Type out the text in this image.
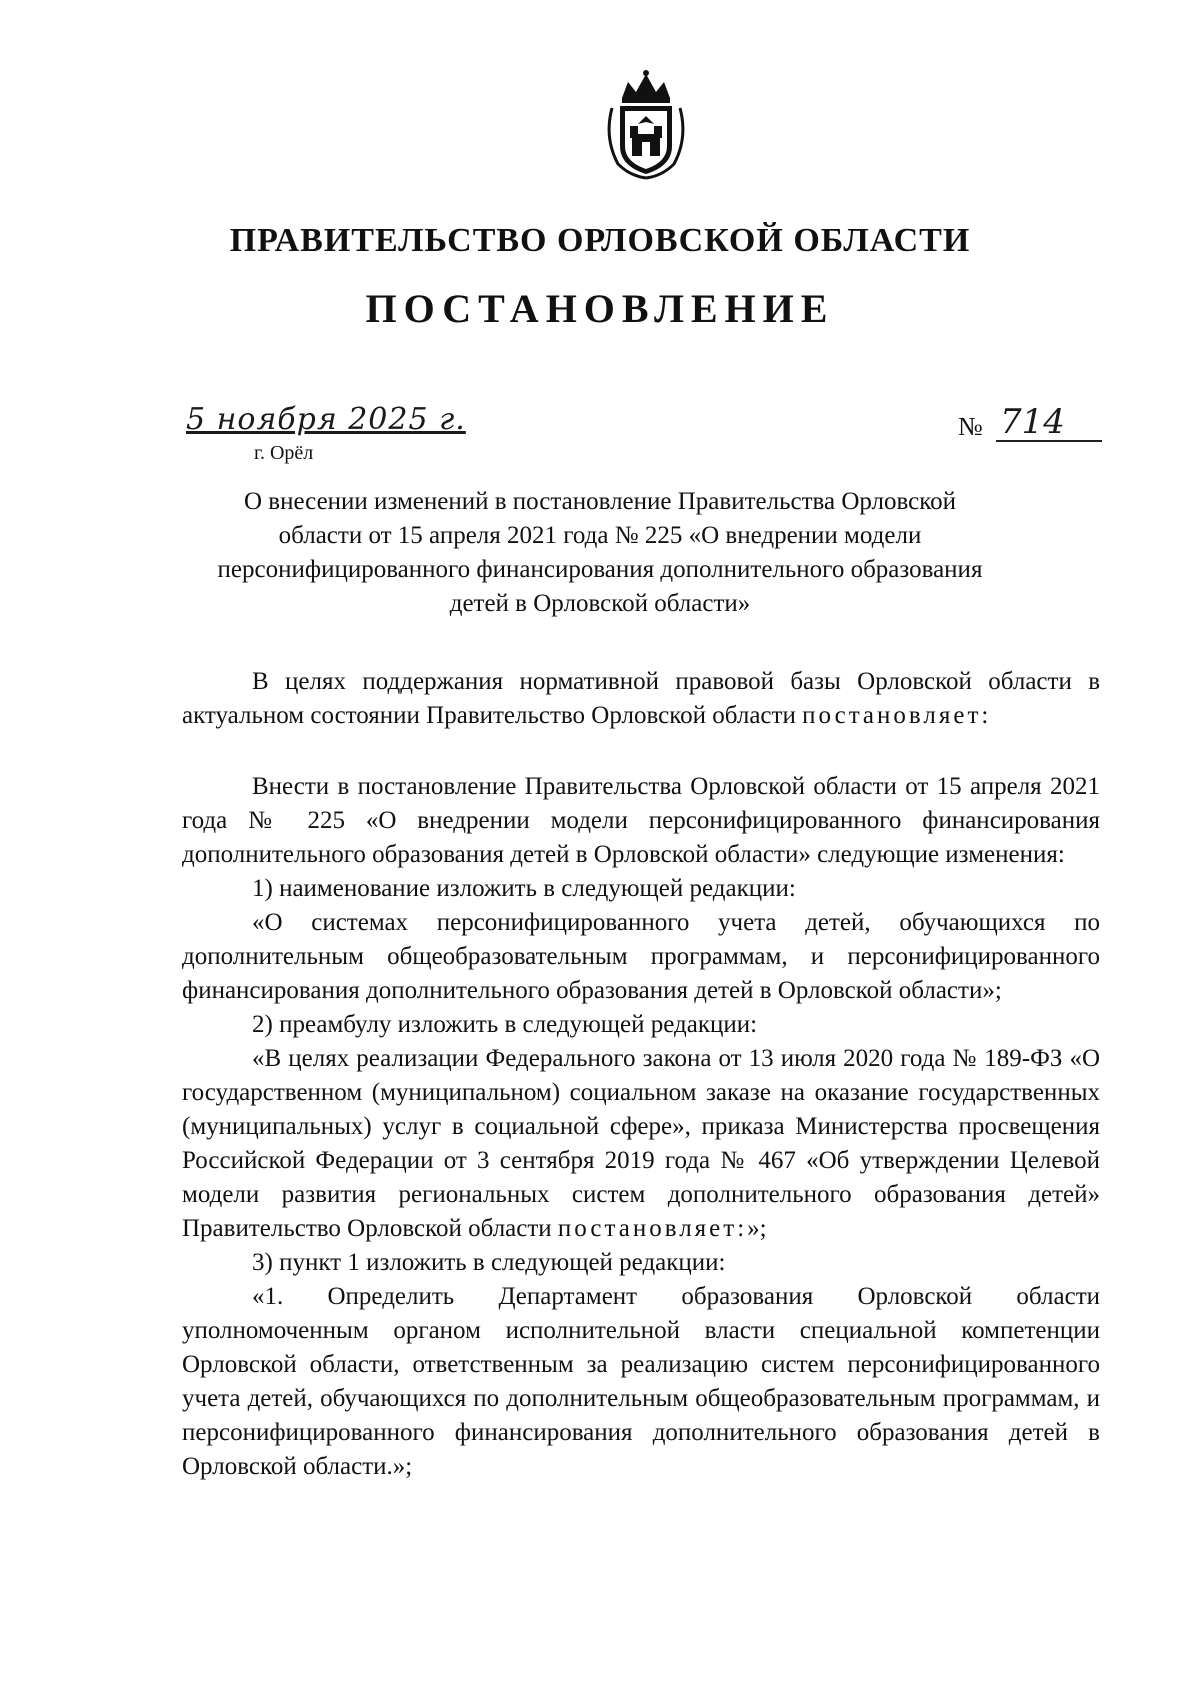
ПРАВИТЕЛЬСТВО ОРЛОВСКОЙ ОБЛАСТИ
ПОСТАНОВЛЕНИЕ
5 ноября 2025 г.
г. Орёл
№ 714

О внесении изменений в постановление Правительства Орловской области от 15 апреля 2021 года № 225 «О внедрении модели персонифицированного финансирования дополнительного образования детей в Орловской области»

В целях поддержания нормативной правовой базы Орловской области в актуальном состоянии Правительство Орловской области постановляет:

Внести в постановление Правительства Орловской области от 15 апреля 2021 года № 225 «О внедрении модели персонифицированного финансирования дополнительного образования детей в Орловской области» следующие изменения:

1) наименование изложить в следующей редакции:

«О системах персонифицированного учета детей, обучающихся по дополнительным общеобразовательным программам, и персонифицированного финансирования дополнительного образования детей в Орловской области»;

2) преамбулу изложить в следующей редакции:

«В целях реализации Федерального закона от 13 июля 2020 года № 189-ФЗ «О государственном (муниципальном) социальном заказе на оказание государственных (муниципальных) услуг в социальной сфере», приказа Министерства просвещения Российской Федерации от 3 сентября 2019 года № 467 «Об утверждении Целевой модели развития региональных систем дополнительного образования детей» Правительство Орловской области постановляет:»;

3) пункт 1 изложить в следующей редакции:

«1. Определить Департамент образования Орловской области уполномоченным органом исполнительной власти специальной компетенции Орловской области, ответственным за реализацию систем персонифицированного учета детей, обучающихся по дополнительным общеобразовательным программам, и персонифицированного финансирования дополнительного образования детей в Орловской области.»;
